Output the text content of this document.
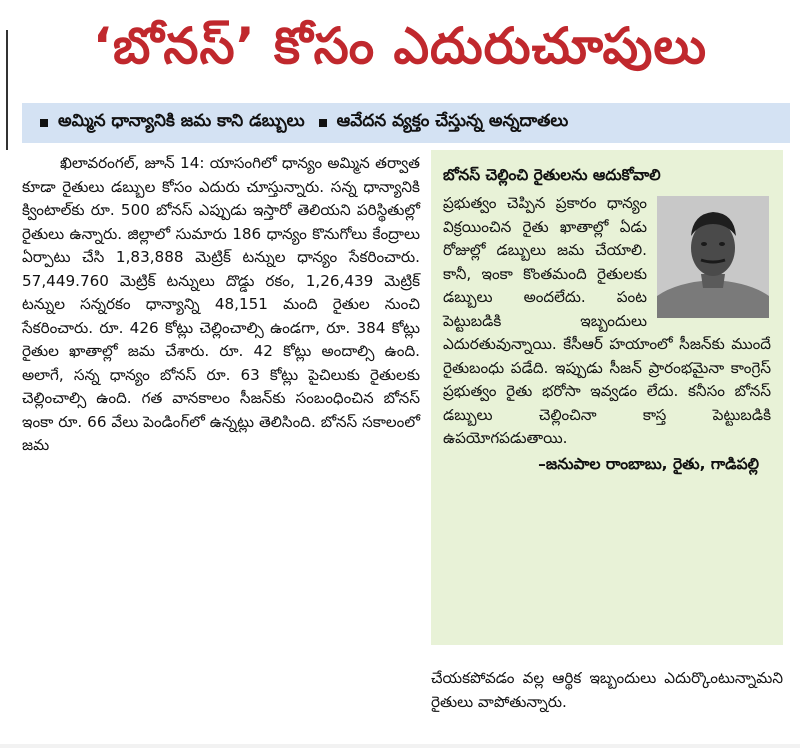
‘బోనస్’ కోసం ఎదురుచూపులు
అమ్మిన ధాన్యానికి జమ కాని డబ్బులు ఆవేదన వ్యక్తం చేస్తున్న అన్నదాతలు

ఖిలావరంగల్, జూన్ 14: యాసంగిలో ధాన్యం అమ్మిన తర్వాత కూడా రైతులు డబ్బుల కోసం ఎదురు చూస్తున్నారు. సన్న ధాన్యానికి క్వింటాల్‌కు రూ. 500 బోనస్ ఎప్పుడు ఇస్తారో తెలియని పరిస్థితుల్లో రైతులు ఉన్నారు. జిల్లాలో సుమారు 186 ధాన్యం కొనుగోలు కేంద్రాలు ఏర్పాటు చేసి 1,83,888 మెట్రిక్ టన్నుల ధాన్యం సేకరించారు. 57,449.760 మెట్రిక్ టన్నులు దొడ్డు రకం, 1,26,439 మెట్రిక్ టన్నుల సన్నరకం ధాన్యాన్ని 48,151 మంది రైతుల నుంచి సేకరించారు. రూ. 426 కోట్లు చెల్లించాల్సి ఉండగా, రూ. 384 కోట్లు రైతుల ఖాతాల్లో జమ చేశారు. రూ. 42 కోట్లు అందాల్సి ఉంది. అలాగే, సన్న ధాన్యం బోనస్ రూ. 63 కోట్లు పైచిలుకు రైతులకు చెల్లించాల్సి ఉంది. గత వానకాలం సీజన్‌కు సంబంధించిన బోనస్ ఇంకా రూ. 66 వేలు పెండింగ్‌లో ఉన్నట్లు తెలిసింది. బోనస్ సకాలంలో జమ

బోనస్ చెల్లించి రైతులను ఆదుకోవాలి

ప్రభుత్వం చెప్పిన ప్రకారం ధాన్యం విక్రయించిన రైతు ఖాతాల్లో ఏడు రోజుల్లో డబ్బులు జమ చేయాలి. కానీ, ఇంకా కొంతమంది రైతులకు డబ్బులు అందలేదు. పంట పెట్టుబడికి ఇబ్బందులు ఎదురతువున్నాయి. కేసీఆర్ హయాంలో సీజన్‌కు ముందే రైతుబంధు పడేది. ఇప్పుడు సీజన్ ప్రారంభమైనా కాంగ్రెస్ ప్రభుత్వం రైతు భరోసా ఇవ్వడం లేదు. కనీసం బోనస్ డబ్బులు చెల్లించినా కాస్త పెట్టుబడికి ఉపయోగపడుతాయి.

–జనుపాల రాంబాబు, రైతు, గాడిపల్లి

చేయకపోవడం వల్ల ఆర్థిక ఇబ్బందులు ఎదుర్కొంటున్నామని రైతులు వాపోతున్నారు.
